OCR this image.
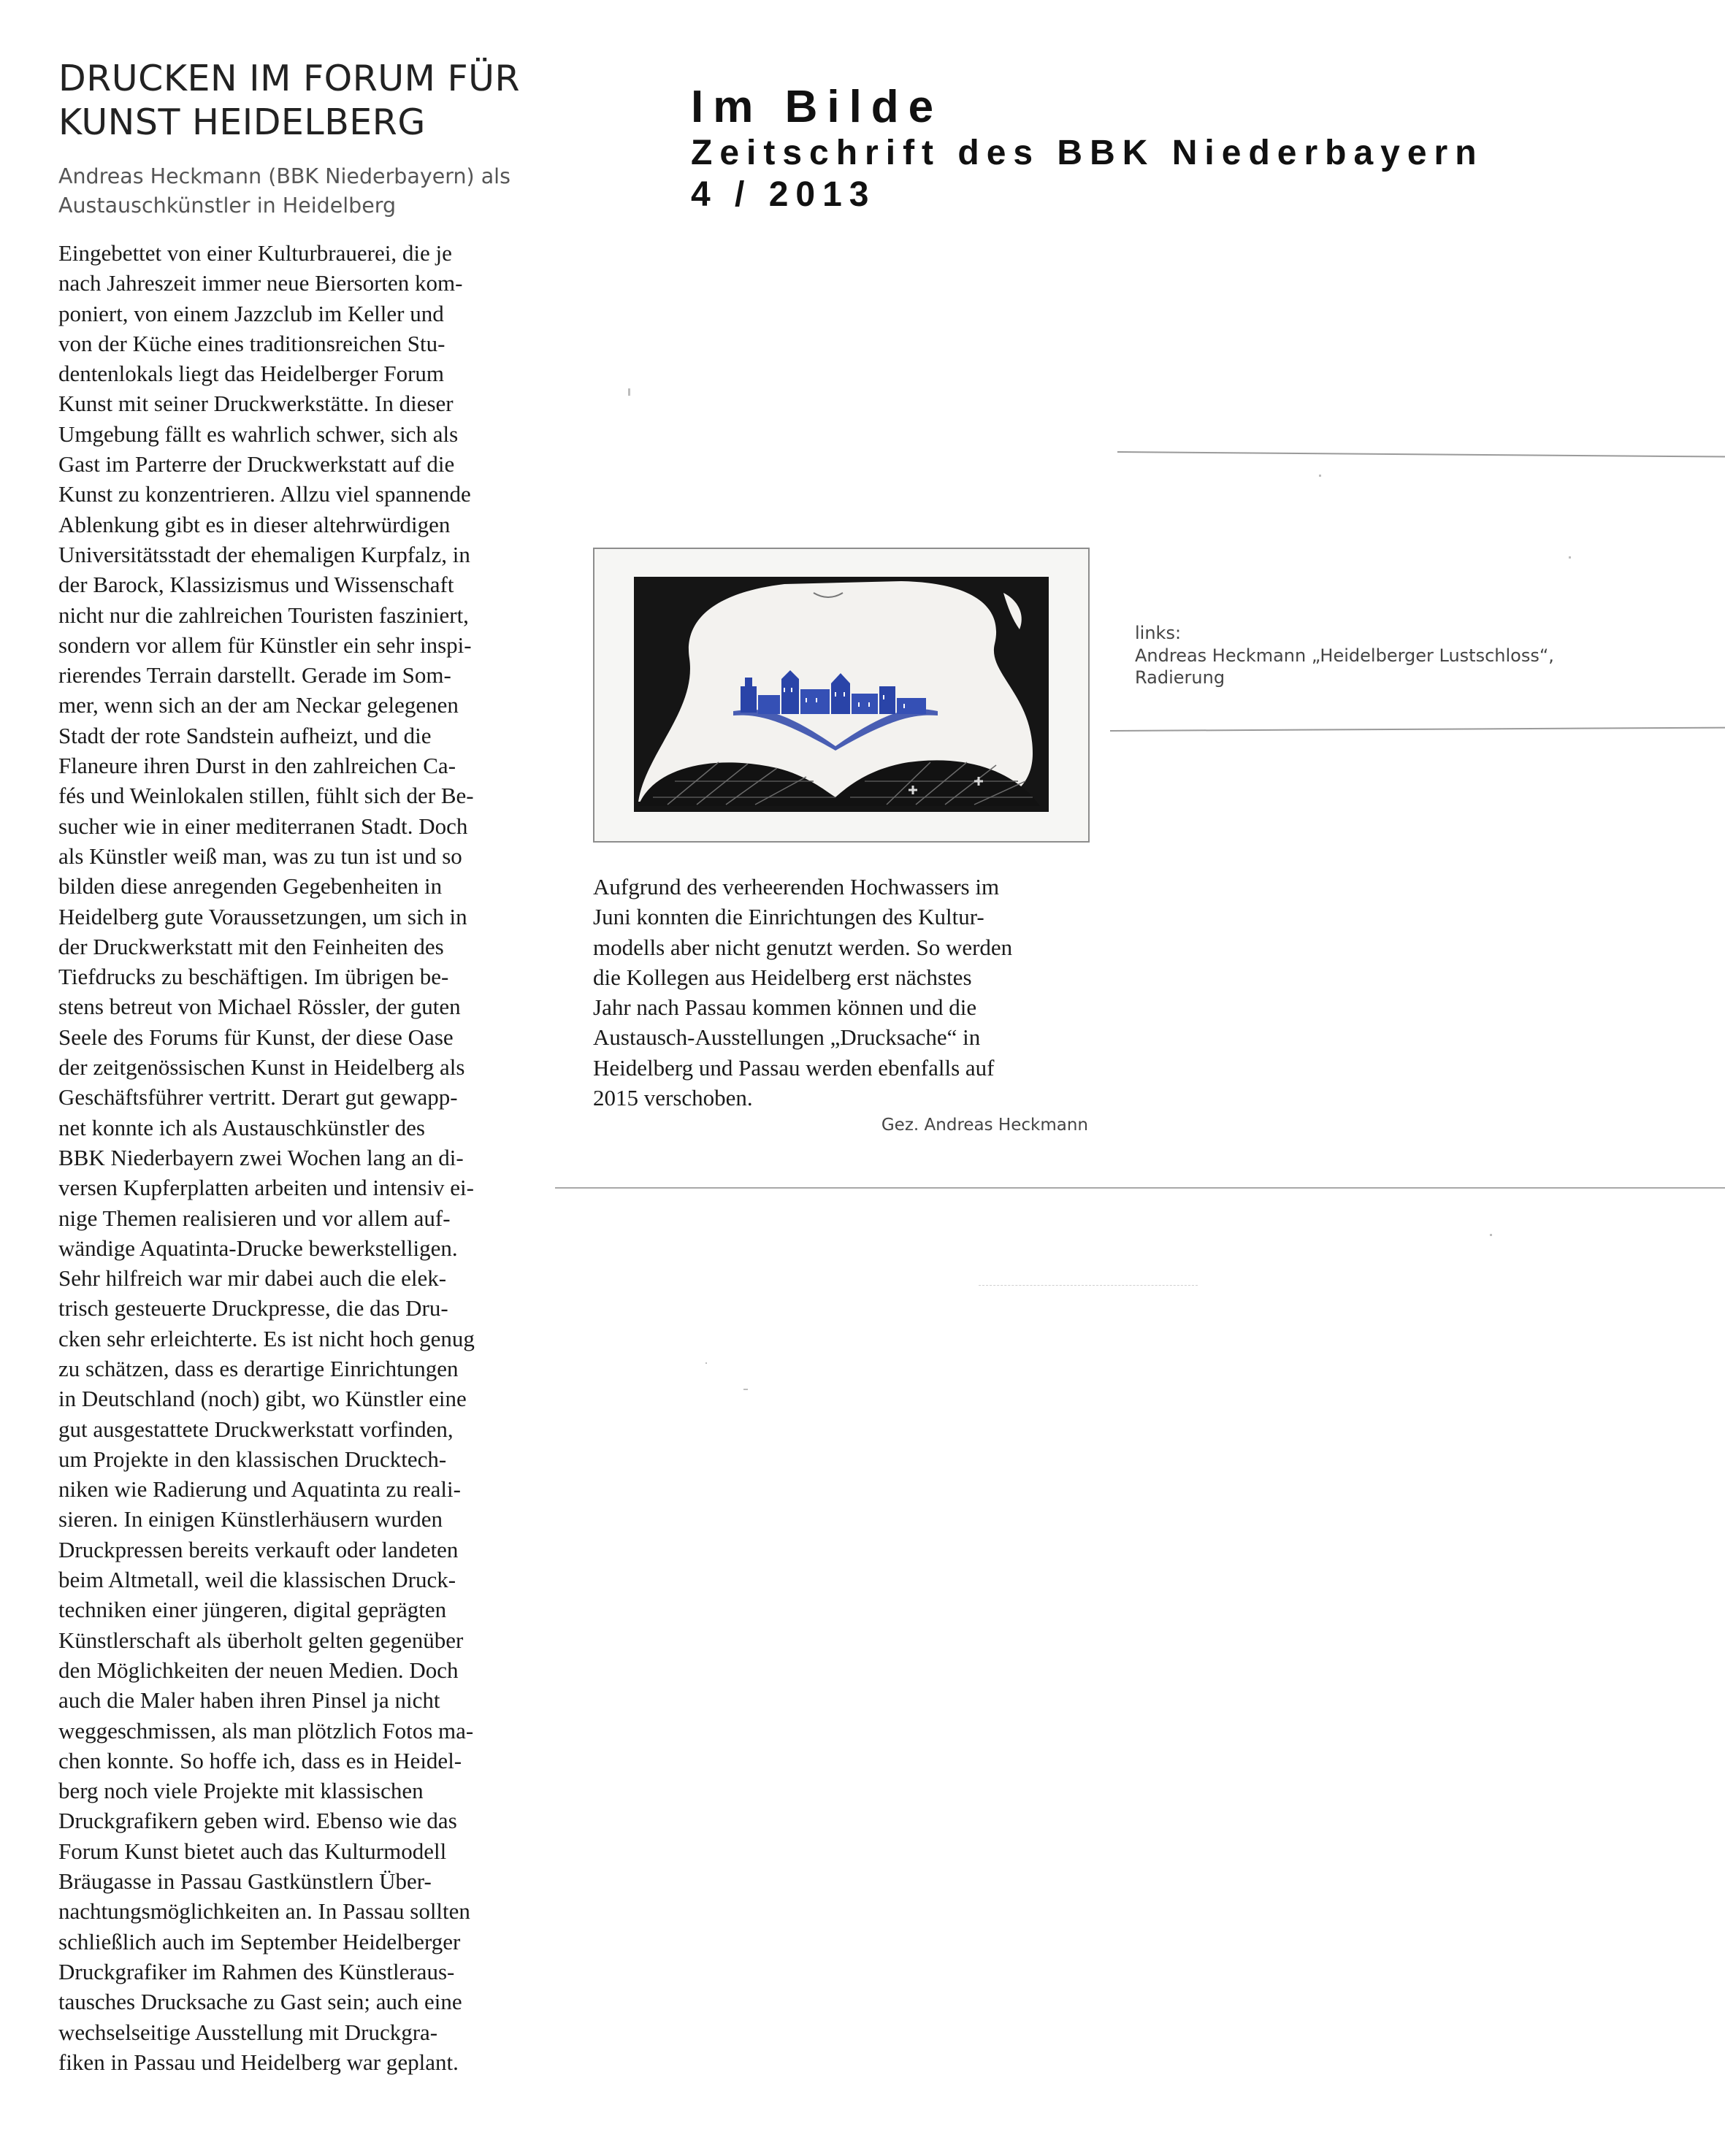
DRUCKEN IM FORUM FÜR
KUNST HEIDELBERG

Andreas Heckmann (BBK Niederbayern) als
Austauschkünstler in Heidelberg

Eingebettet von einer Kulturbrauerei, die je
nach Jahreszeit immer neue Biersorten kom-
poniert, von einem Jazzclub im Keller und
von der Küche eines traditionsreichen Stu-
dentenlokals liegt das Heidelberger Forum
Kunst mit seiner Druckwerkstätte. In dieser
Umgebung fällt es wahrlich schwer, sich als
Gast im Parterre der Druckwerkstatt auf die
Kunst zu konzentrieren. Allzu viel spannende
Ablenkung gibt es in dieser altehrwürdigen
Universitätsstadt der ehemaligen Kurpfalz, in
der Barock, Klassizismus und Wissenschaft
nicht nur die zahlreichen Touristen fasziniert,
sondern vor allem für Künstler ein sehr inspi-
rierendes Terrain darstellt. Gerade im Som-
mer, wenn sich an der am Neckar gelegenen
Stadt der rote Sandstein aufheizt, und die
Flaneure ihren Durst in den zahlreichen Ca-
fés und Weinlokalen stillen, fühlt sich der Be-
sucher wie in einer mediterranen Stadt. Doch
als Künstler weiß man, was zu tun ist und so
bilden diese anregenden Gegebenheiten in
Heidelberg gute Voraussetzungen, um sich in
der Druckwerkstatt mit den Feinheiten des
Tiefdrucks zu beschäftigen. Im übrigen be-
stens betreut von Michael Rössler, der guten
Seele des Forums für Kunst, der diese Oase
der zeitgenössischen Kunst in Heidelberg als
Geschäftsführer vertritt. Derart gut gewapp-
net konnte ich als Austauschkünstler des
BBK Niederbayern zwei Wochen lang an di-
versen Kupferplatten arbeiten und intensiv ei-
nige Themen realisieren und vor allem auf-
wändige Aquatinta-Drucke bewerkstelligen.
Sehr hilfreich war mir dabei auch die elek-
trisch gesteuerte Druckpresse, die das Dru-
cken sehr erleichterte. Es ist nicht hoch genug
zu schätzen, dass es derartige Einrichtungen
in Deutschland (noch) gibt, wo Künstler eine
gut ausgestattete Druckwerkstatt vorfinden,
um Projekte in den klassischen Drucktech-
niken wie Radierung und Aquatinta zu reali-
sieren. In einigen Künstlerhäusern wurden
Druckpressen bereits verkauft oder landeten
beim Altmetall, weil die klassischen Druck-
techniken einer jüngeren, digital geprägten
Künstlerschaft als überholt gelten gegenüber
den Möglichkeiten der neuen Medien. Doch
auch die Maler haben ihren Pinsel ja nicht
weggeschmissen, als man plötzlich Fotos ma-
chen konnte. So hoffe ich, dass es in Heidel-
berg noch viele Projekte mit klassischen
Druckgrafikern geben wird. Ebenso wie das
Forum Kunst bietet auch das Kulturmodell
Bräugasse in Passau Gastkünstlern Über-
nachtungsmöglichkeiten an. In Passau sollten
schließlich auch im September Heidelberger
Druckgrafiker im Rahmen des Künstleraus-
tausches Drucksache zu Gast sein; auch eine
wechselseitige Ausstellung mit Druckgra-
fiken in Passau und Heidelberg war geplant.
Im Bilde
Zeitschrift des BBK Niederbayern
4 / 2013

links:
Andreas Heckmann „Heidelberger Lustschloss“,
Radierung

Aufgrund des verheerenden Hochwassers im
Juni konnten die Einrichtungen des Kultur-
modells aber nicht genutzt werden. So werden
die Kollegen aus Heidelberg erst nächstes
Jahr nach Passau kommen können und die
Austausch-Ausstellungen „Drucksache“ in
Heidelberg und Passau werden ebenfalls auf
2015 verschoben.
Gez. Andreas Heckmann
